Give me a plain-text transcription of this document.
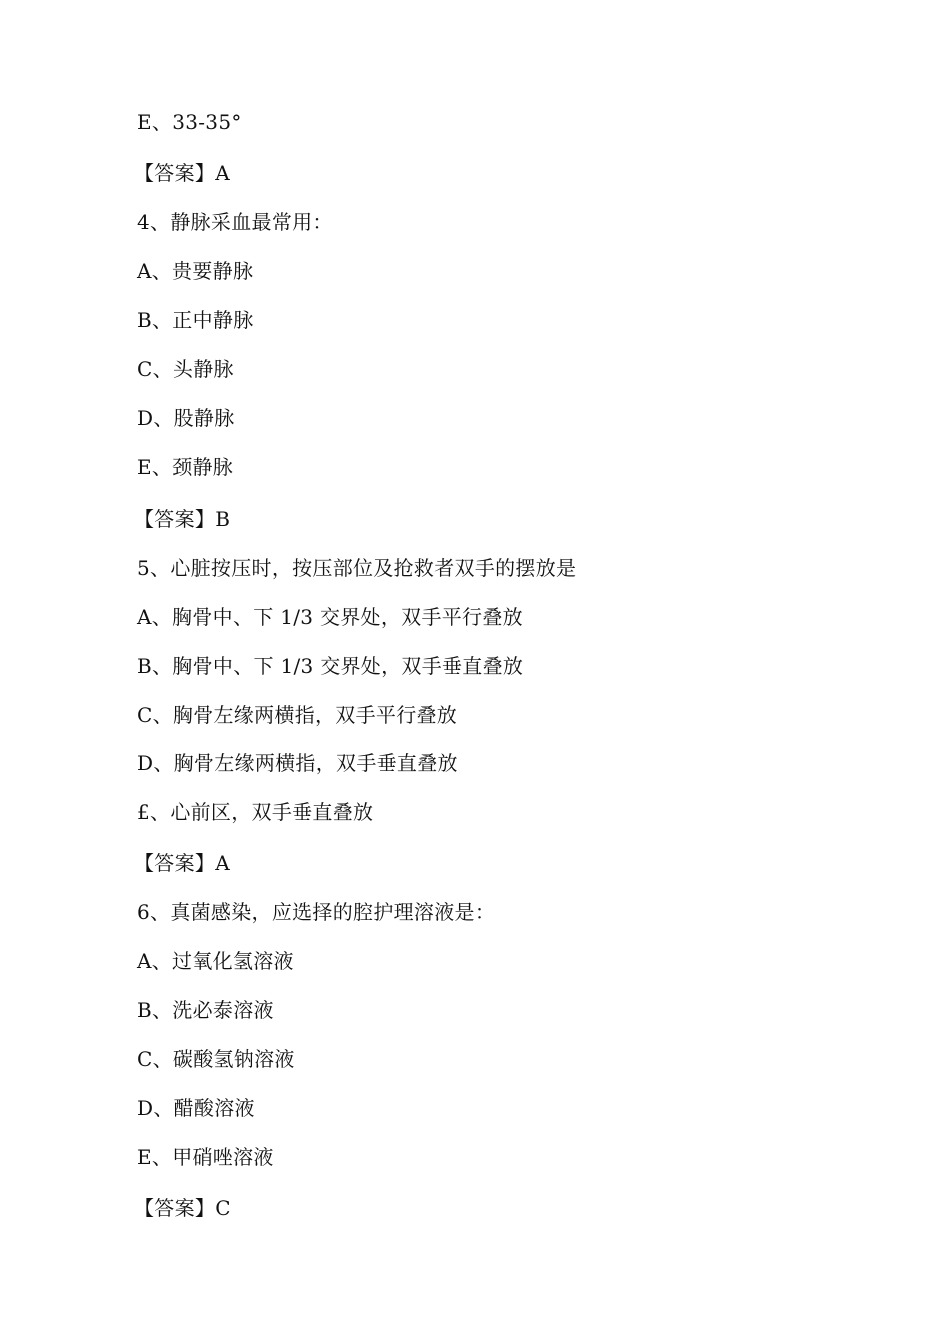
E、33-35°
【答案】A
4、静脉采血最常用：
A、贵要静脉
B、正中静脉
C、头静脉
D、股静脉
E、颈静脉
【答案】B
5、心脏按压时，按压部位及抢救者双手的摆放是
A、胸骨中、下 1/3 交界处，双手平行叠放
B、胸骨中、下 1/3 交界处，双手垂直叠放
C、胸骨左缘两横指，双手平行叠放
D、胸骨左缘两横指，双手垂直叠放
£、心前区，双手垂直叠放
【答案】A
6、真菌感染，应选择的腔护理溶液是：
A、过氧化氢溶液
B、洗必泰溶液
C、碳酸氢钠溶液
D、醋酸溶液
E、甲硝唑溶液
【答案】C
